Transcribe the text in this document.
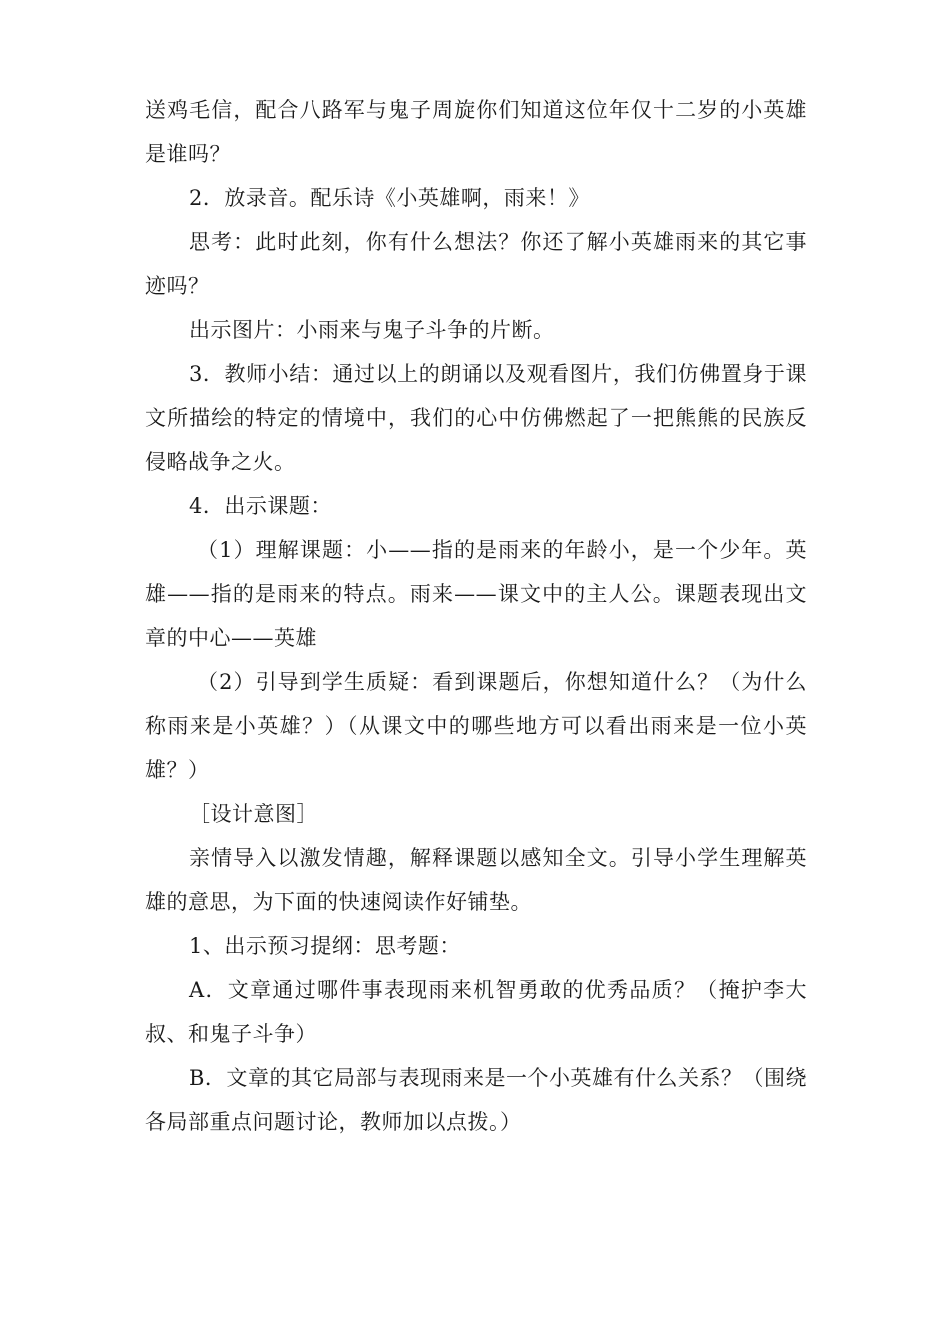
送鸡毛信，配合八路军与鬼子周旋你们知道这位年仅十二岁的小英雄是谁吗？

2．放录音。配乐诗《小英雄啊，雨来！》

思考：此时此刻，你有什么想法？你还了解小英雄雨来的其它事迹吗？

出示图片：小雨来与鬼子斗争的片断。

3．教师小结：通过以上的朗诵以及观看图片，我们仿佛置身于课文所描绘的特定的情境中，我们的心中仿佛燃起了一把熊熊的民族反侵略战争之火。

4．出示课题：

（1）理解课题：小——指的是雨来的年龄小，是一个少年。英雄——指的是雨来的特点。雨来——课文中的主人公。课题表现出文章的中心——英雄

（2）引导到学生质疑：看到课题后，你想知道什么？（为什么称雨来是小英雄？）（从课文中的哪些地方可以看出雨来是一位小英雄？）

［设计意图］

亲情导入以激发情趣，解释课题以感知全文。引导小学生理解英雄的意思，为下面的快速阅读作好铺垫。

1、出示预习提纲：思考题：

A．文章通过哪件事表现雨来机智勇敢的优秀品质？（掩护李大叔、和鬼子斗争）

B．文章的其它局部与表现雨来是一个小英雄有什么关系？（围绕各局部重点问题讨论，教师加以点拨。）
